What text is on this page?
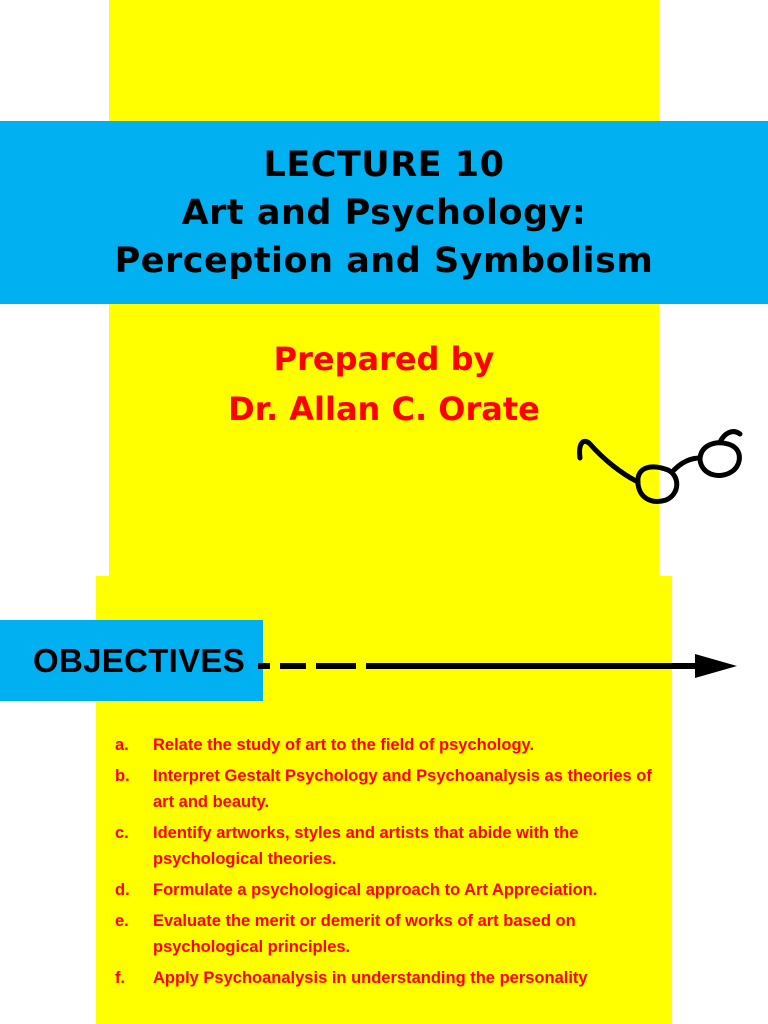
LECTURE 10
Art and Psychology:
Perception and Symbolism
Prepared by
Dr. Allan C. Orate
OBJECTIVES
a.	Relate the study of art to the field of psychology.
b.	Interpret Gestalt Psychology and Psychoanalysis as theories of art and beauty.
c.	Identify artworks, styles and artists that abide with the psychological theories.
d.	Formulate a psychological approach to Art Appreciation.
e.	Evaluate the merit or demerit of works of art based on psychological principles.
f.	Apply Psychoanalysis in understanding the personality
